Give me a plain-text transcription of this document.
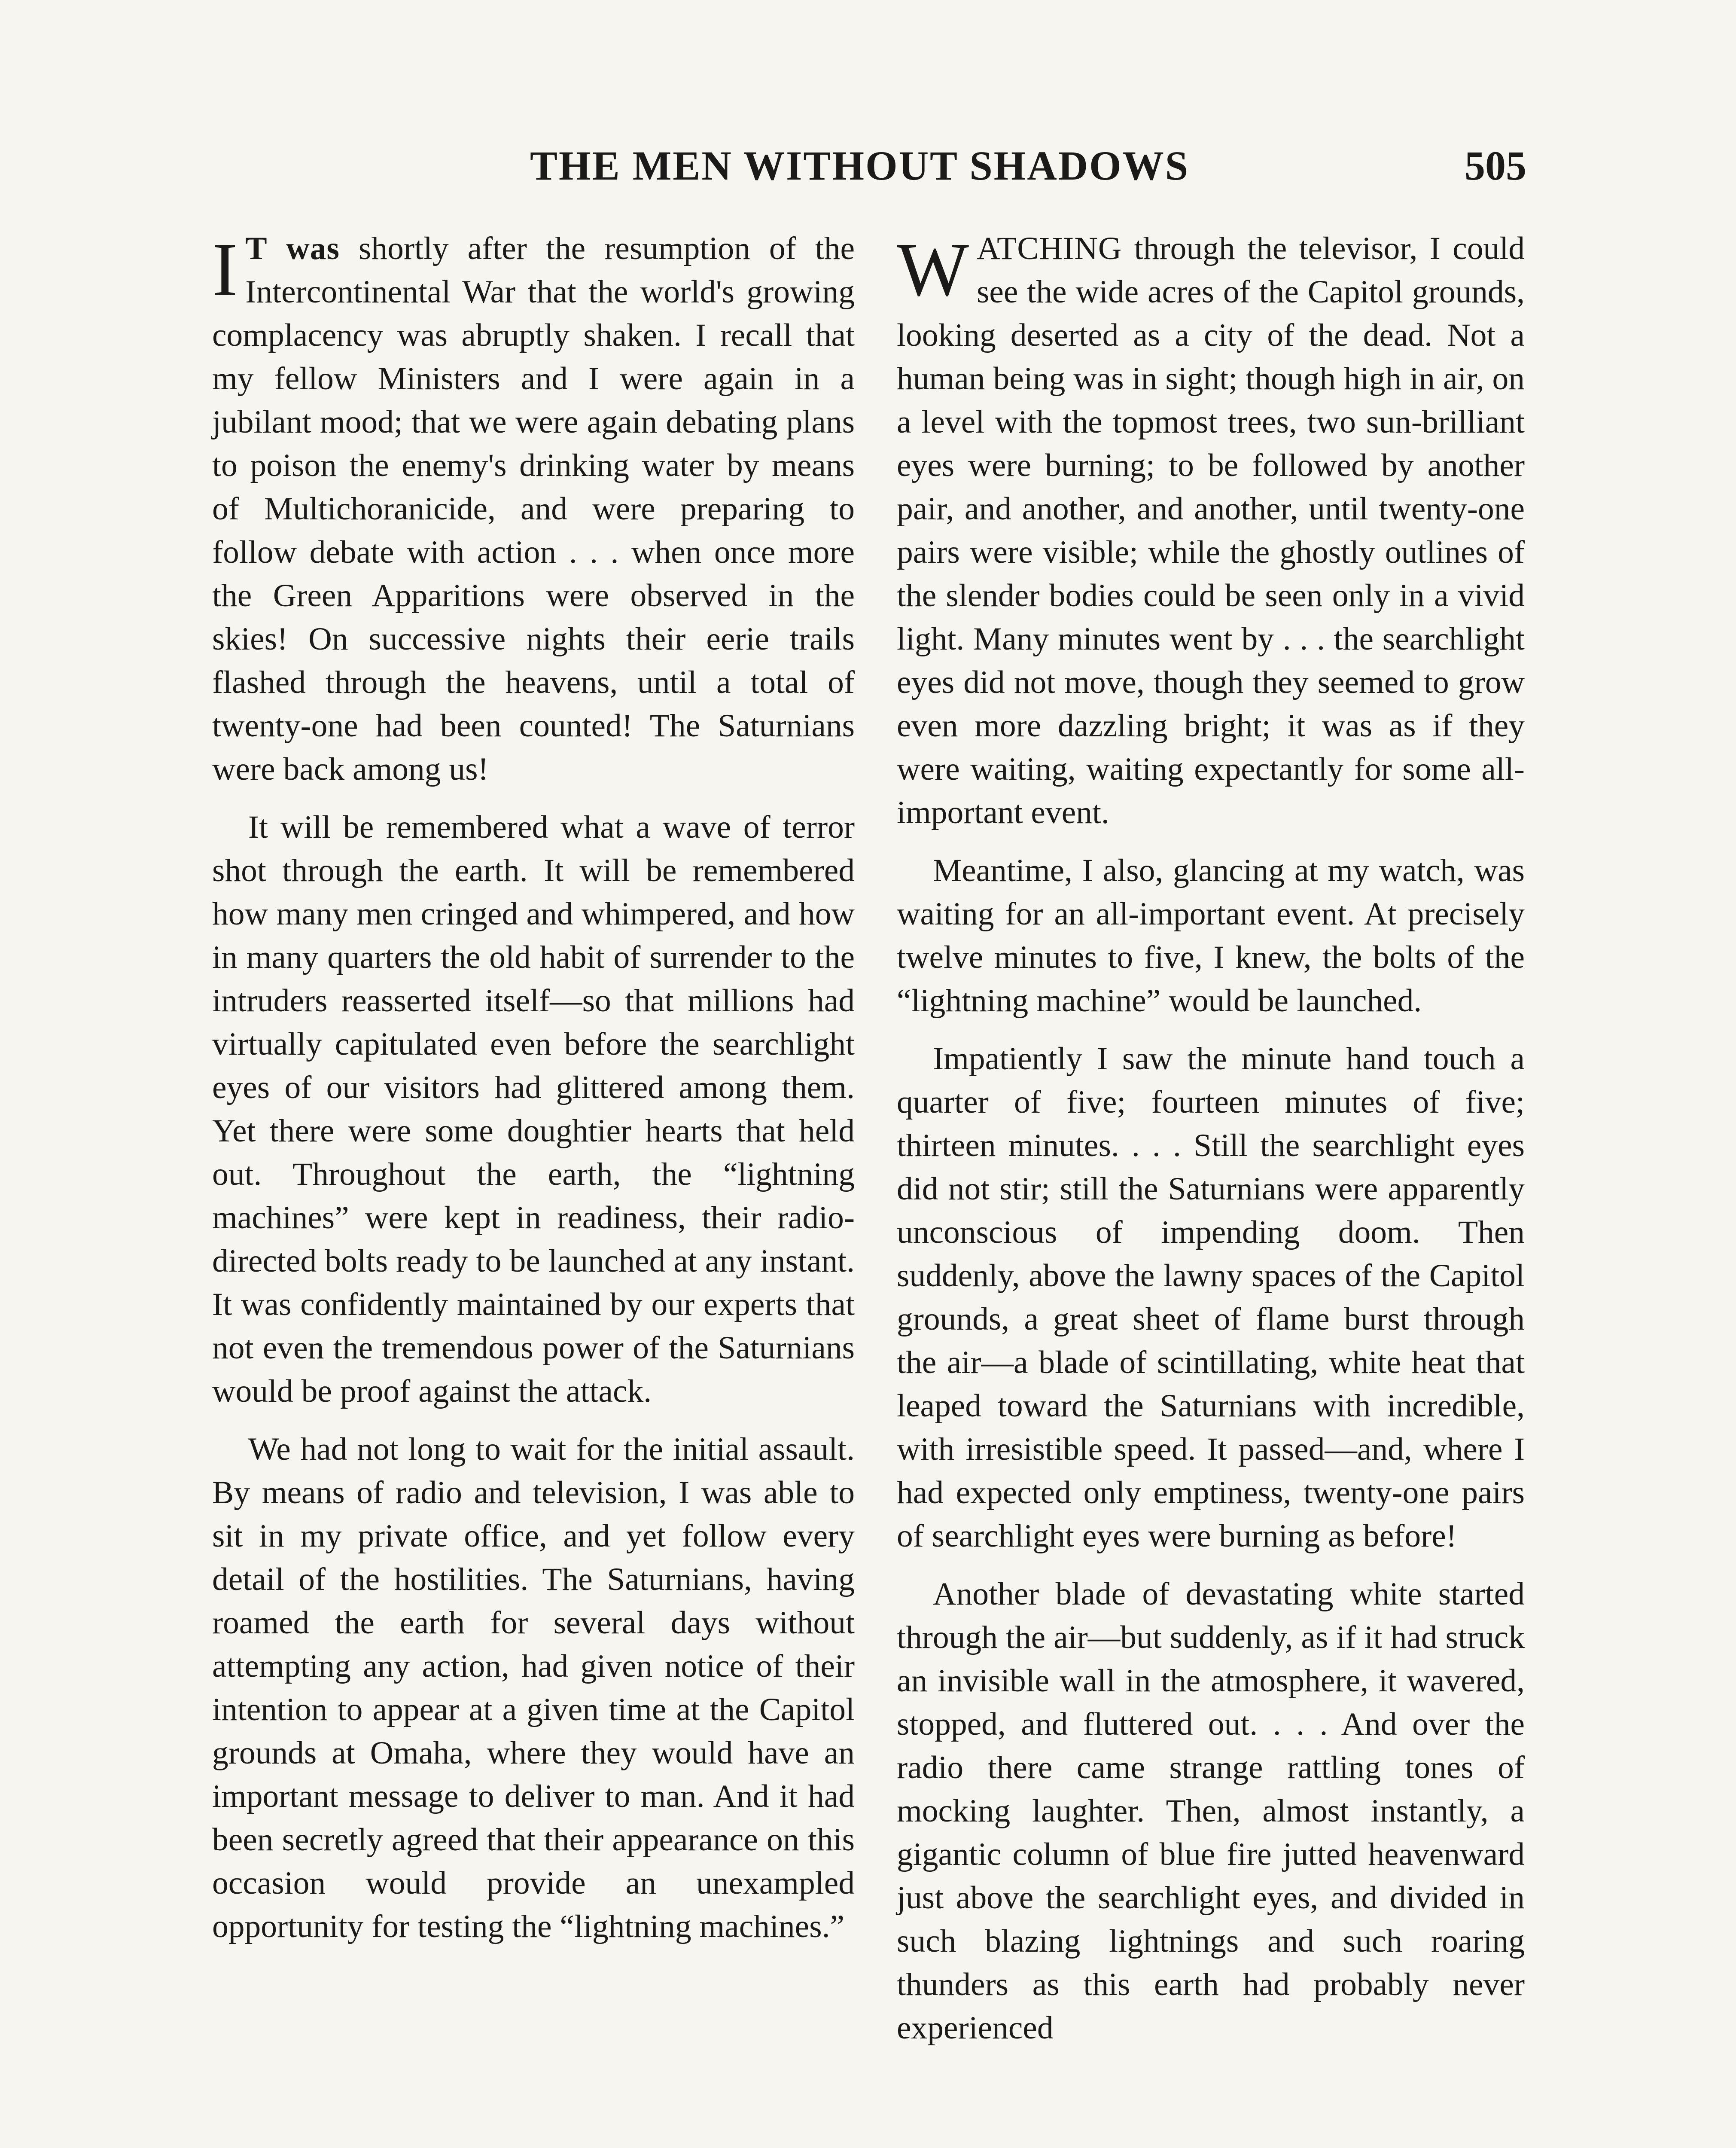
THE MEN WITHOUT SHADOWS	505

I T was shortly after the resumption of the Intercontinental War that the world's growing complacency was abruptly shaken. I recall that my fellow Ministers and I were again in a jubilant mood; that we were again debating plans to poison the enemy's drinking water by means of Multichoranicide, and were preparing to follow debate with action . . . when once more the Green Apparitions were observed in the skies! On successive nights their eerie trails flashed through the heavens, until a total of twenty-one had been counted! The Saturnians were back among us!

It will be remembered what a wave of terror shot through the earth. It will be remembered how many men cringed and whimpered, and how in many quarters the old habit of surrender to the intruders reasserted itself—so that millions had virtually capitulated even before the searchlight eyes of our visitors had glittered among them. Yet there were some doughtier hearts that held out. Throughout the earth, the “lightning machines” were kept in readiness, their radio-directed bolts ready to be launched at any instant. It was confidently maintained by our experts that not even the tremendous power of the Saturnians would be proof against the attack.

We had not long to wait for the initial assault. By means of radio and television, I was able to sit in my private office, and yet follow every detail of the hostilities. The Saturnians, having roamed the earth for several days without attempting any action, had given notice of their intention to appear at a given time at the Capitol grounds at Omaha, where they would have an important message to deliver to man. And it had been secretly agreed that their appearance on this occasion would provide an unexampled opportunity for testing the “lightning machines.”

WATCHING through the televisor, I could see the wide acres of the Capitol grounds, looking deserted as a city of the dead. Not a human being was in sight; though high in air, on a level with the topmost trees, two sun-brilliant eyes were burning; to be followed by another pair, and another, and another, until twenty-one pairs were visible; while the ghostly outlines of the slender bodies could be seen only in a vivid light. Many minutes went by . . . the searchlight eyes did not move, though they seemed to grow even more dazzling bright; it was as if they were waiting, waiting expectantly for some all-important event.

Meantime, I also, glancing at my watch, was waiting for an all-important event. At precisely twelve minutes to five, I knew, the bolts of the “lightning machine” would be launched.

Impatiently I saw the minute hand touch a quarter of five; fourteen minutes of five; thirteen minutes. . . . Still the searchlight eyes did not stir; still the Saturnians were apparently unconscious of impending doom. Then suddenly, above the lawny spaces of the Capitol grounds, a great sheet of flame burst through the air—a blade of scintillating, white heat that leaped toward the Saturnians with incredible, with irresistible speed. It passed—and, where I had expected only emptiness, twenty-one pairs of searchlight eyes were burning as before!

Another blade of devastating white started through the air—but suddenly, as if it had struck an invisible wall in the atmosphere, it wavered, stopped, and fluttered out. . . . And over the radio there came strange rattling tones of mocking laughter. Then, almost instantly, a gigantic column of blue fire jutted heavenward just above the searchlight eyes, and divided in such blazing lightnings and such roaring thunders as this earth had probably never experienced
